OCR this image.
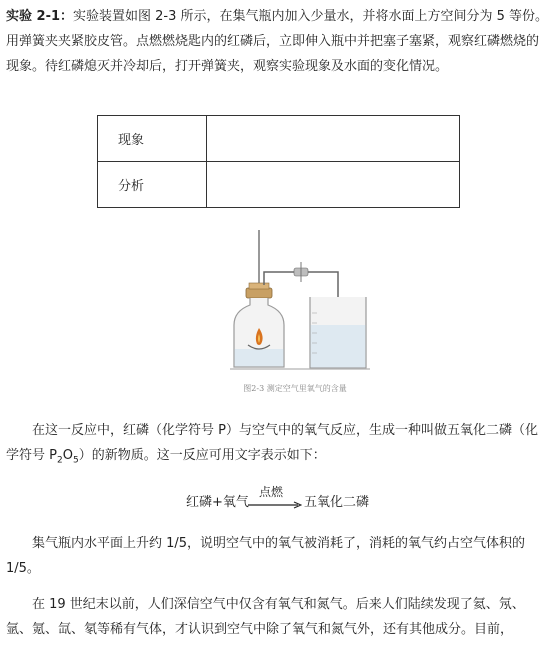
实验 2-1：实验装置如图 2-3 所示，在集气瓶内加入少量水，并将水面上方空间分为 5 等份。用弹簧夹夹紧胶皮管。点燃燃烧匙内的红磷后，立即伸入瓶中并把塞子塞紧，观察红磷燃烧的现象。待红磷熄灭并冷却后，打开弹簧夹，观察实验现象及水面的变化情况。

现象	
分析	
图2-3 测定空气里氧气的含量

在这一反应中，红磷（化学符号 P）与空气中的氧气反应，生成一种叫做五氧化二磷（化学符号 $P_2O_5$）的新物质。这一反应可用文字表示如下：

红磷+氧气
点燃
五氧化二磷

集气瓶内水平面上升约 1/5，说明空气中的氧气被消耗了，消耗的氧气约占空气体积的 1/5。

在 19 世纪末以前，人们深信空气中仅含有氧气和氮气。后来人们陆续发现了氦、氖、氩、氪、氙、氡等稀有气体，才认识到空气中除了氧气和氮气外，还有其他成分。目前，
